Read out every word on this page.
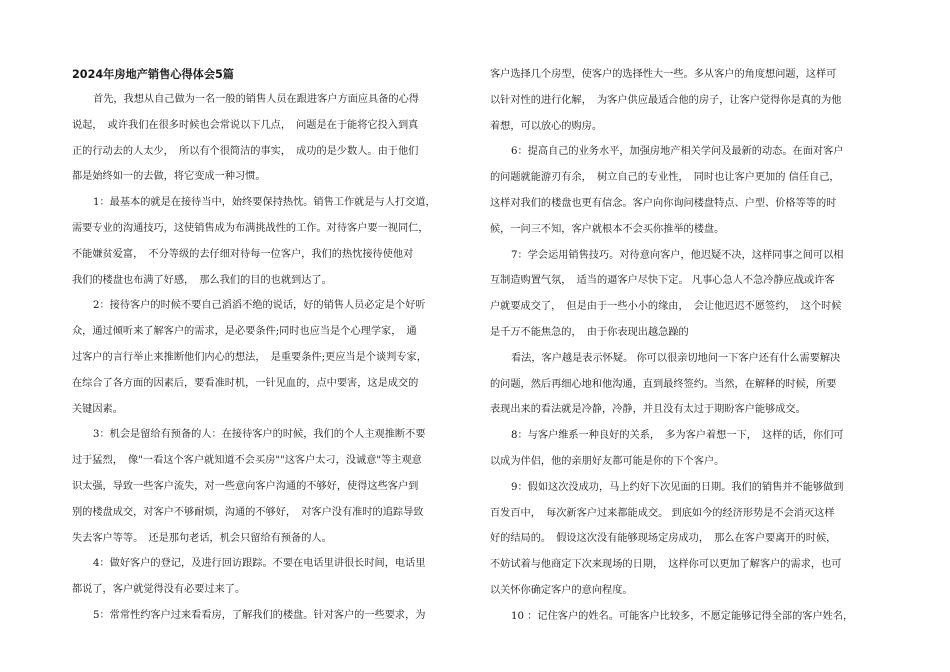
2024年房地产销售心得体会5篇
首先，我想从自己做为一名一般的销售人员在跟进客户方面应具备的心得
说起，　或许我们在很多时候也会常说以下几点，　问题是在于能将它投入到真
正的行动去的人太少，　所以有个很简洁的事实，　成功的是少数人。由于他们
都是始终如一的去做，将它变成一种习惯。
1：最基本的就是在接待当中，始终要保持热忱。销售工作就是与人打交道，
需要专业的沟通技巧，这使销售成为布满挑战性的工作。对待客户要一视同仁，
不能嫌贫爱富，　不分等级的去仔细对待每一位客户，我们的热忱接待使他对
我们的楼盘也布满了好感，　那么我们的目的也就到达了。
2：接待客户的时候不要自己滔滔不绝的说话，好的销售人员必定是个好听
众，通过倾听来了解客户的需求，是必要条件;同时也应当是个心理学家，　通
过客户的言行举止来推断他们内心的想法，　是重要条件;更应当是个谈判专家，
在综合了各方面的因素后，要看准时机，一针见血的，点中要害，这是成交的
关键因素。
3：机会是留给有预备的人：在接待客户的时候，我们的个人主观推断不要
过于猛烈，　像"一看这个客户就知道不会买房""这客户太刁，没诚意"等主观意
识太强，导致一些客户流失，对一些意向客户沟通的不够好，使得这些客户到
别的楼盘成交，对客户不够耐烦，沟通的不够好，　对客户没有准时的追踪导致
失去客户等等。　还是那句老话，机会只留给有预备的人。
4：做好客户的登记，及进行回访跟踪。不要在电话里讲很长时间，电话里
都说了，客户就觉得没有必要过来了。
5：常常性约客户过来看看房，了解我们的楼盘。针对客户的一些要求，为
客户选择几个房型，使客户的选择性大一些。多从客户的角度想问题，这样可
以针对性的进行化解，　为客户供应最适合他的房子，让客户觉得你是真的为他
着想，可以放心的购房。
6：提高自己的业务水平，加强房地产相关学问及最新的动态。在面对客户
的问题就能游刃有余，　树立自己的专业性，　同时也让客户更加的 信任自己，
这样对我们的楼盘也更有信念。客户向你询问楼盘特点、户型、价格等等的时
候，一问三不知，客户就根本不会买你推举的楼盘。
7：学会运用销售技巧。对待意向客户，他迟疑不决，这样同事之间可以相
互制造购置气氛，　适当的逼客户尽快下定。 凡事心急人不急冷静应战或许客
户就要成交了，　但是由于一些小小的缘由，　会让他迟迟不愿签约，　这个时候
是千万不能焦急的，　由于你表现出越急躁的
看法，客户越是表示怀疑。 你可以很亲切地问一下客户还有什么需要解决
的问题，然后再细心地和他沟通，直到最终签约。当然，在解释的时候，所要
表现出来的看法就是冷静，冷静，并且没有太过于期盼客户能够成交。
8：与客户维系一种良好的关系，　多为客户着想一下，　这样的话，你们可
以成为伴侣，他的亲朋好友都可能是你的下个客户。
9：假如这次没成功，马上约好下次见面的日期。我们的销售并不能够做到
百发百中，　每次新客户过来都能成交。 到底如今的经济形势是不会消灭这样
好的结局的。　假设这次没有能够现场定房成功，　那么在客户要离开的时候，
不妨试着与他商定下次来现场的日期，　这样你可以更加了解客户的需求，也可
以关怀你确定客户的意向程度。
10 ：记住客户的姓名。可能客户比较多，不愿定能够记得全部的客户姓名，
